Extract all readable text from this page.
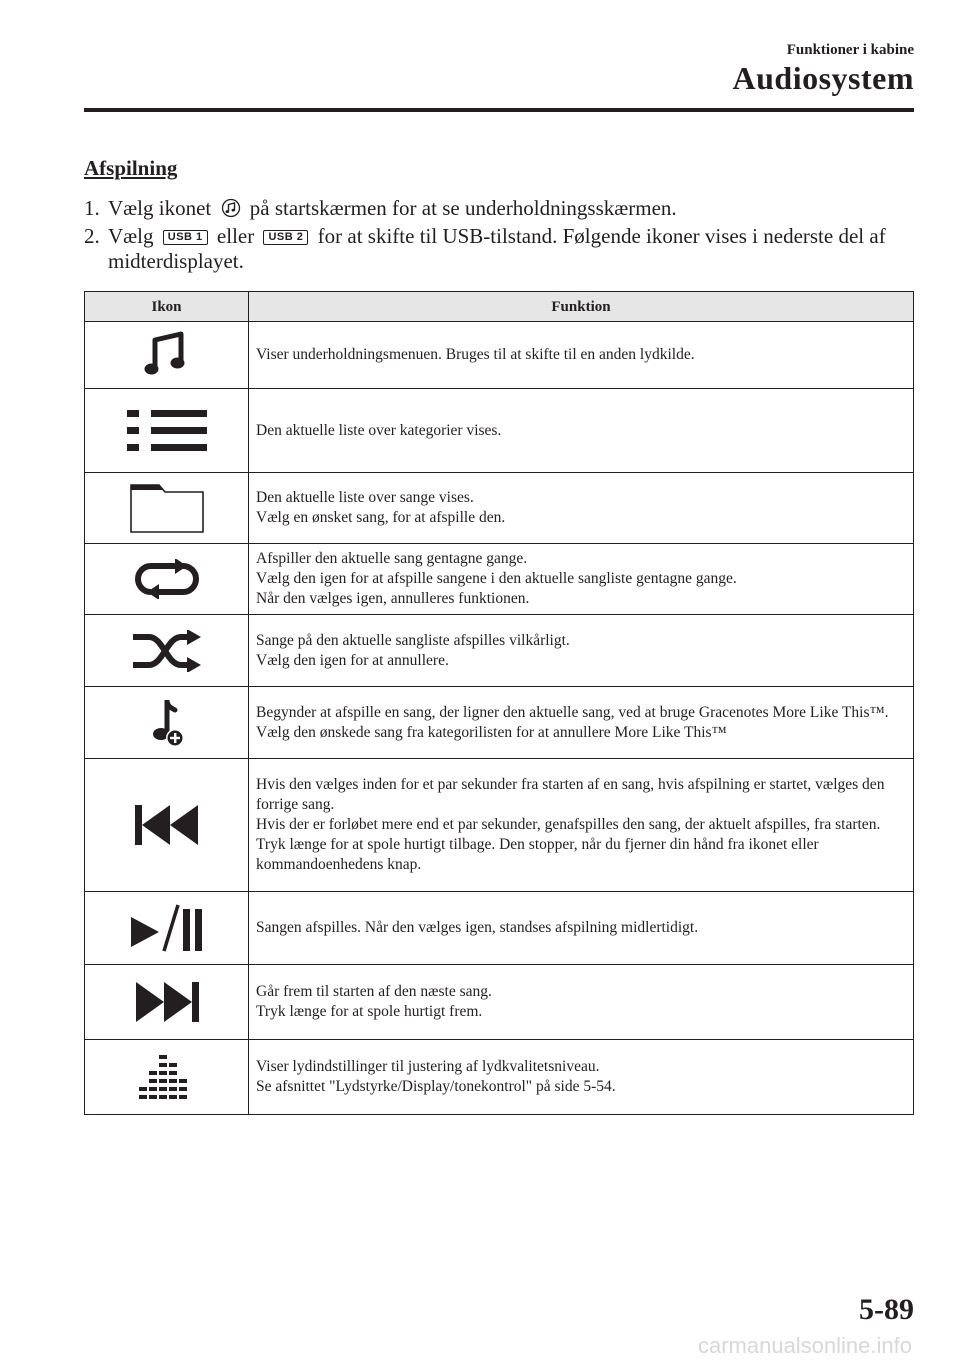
Funktioner i kabine
Audiosystem
Afspilning
1. Vælg ikonet på startskærmen for at se underholdningsskærmen.
2. Vælg USB 1 eller USB 2 for at skifte til USB-tilstand. Følgende ikoner vises i nederste del af midterdisplayet.
Ikon	Funktion

Viser underholdningsmenuen. Bruges til at skifte til en anden lydkilde.

Den aktuelle liste over kategorier vises.

Den aktuelle liste over sange vises.
Vælg en ønsket sang, for at afspille den.

Afspiller den aktuelle sang gentagne gange.
Vælg den igen for at afspille sangene i den aktuelle sangliste gentagne gange.
Når den vælges igen, annulleres funktionen.

Sange på den aktuelle sangliste afspilles vilkårligt.
Vælg den igen for at annullere.

Begynder at afspille en sang, der ligner den aktuelle sang, ved at bruge Gracenotes More Like This™. Vælg den ønskede sang fra kategorilisten for at annullere More Like This™

Hvis den vælges inden for et par sekunder fra starten af en sang, hvis afspilning er startet, vælges den forrige sang.
Hvis der er forløbet mere end et par sekunder, genafspilles den sang, der aktuelt afspilles, fra starten.
Tryk længe for at spole hurtigt tilbage. Den stopper, når du fjerner din hånd fra ikonet eller kommandoenhedens knap.

Sangen afspilles. Når den vælges igen, standses afspilning midlertidigt.

Går frem til starten af den næste sang.
Tryk længe for at spole hurtigt frem.

Viser lydindstillinger til justering af lydkvalitetsniveau.
Se afsnittet "Lydstyrke/Display/tonekontrol" på side 5-54.
5-89
carmanualsonline.info
